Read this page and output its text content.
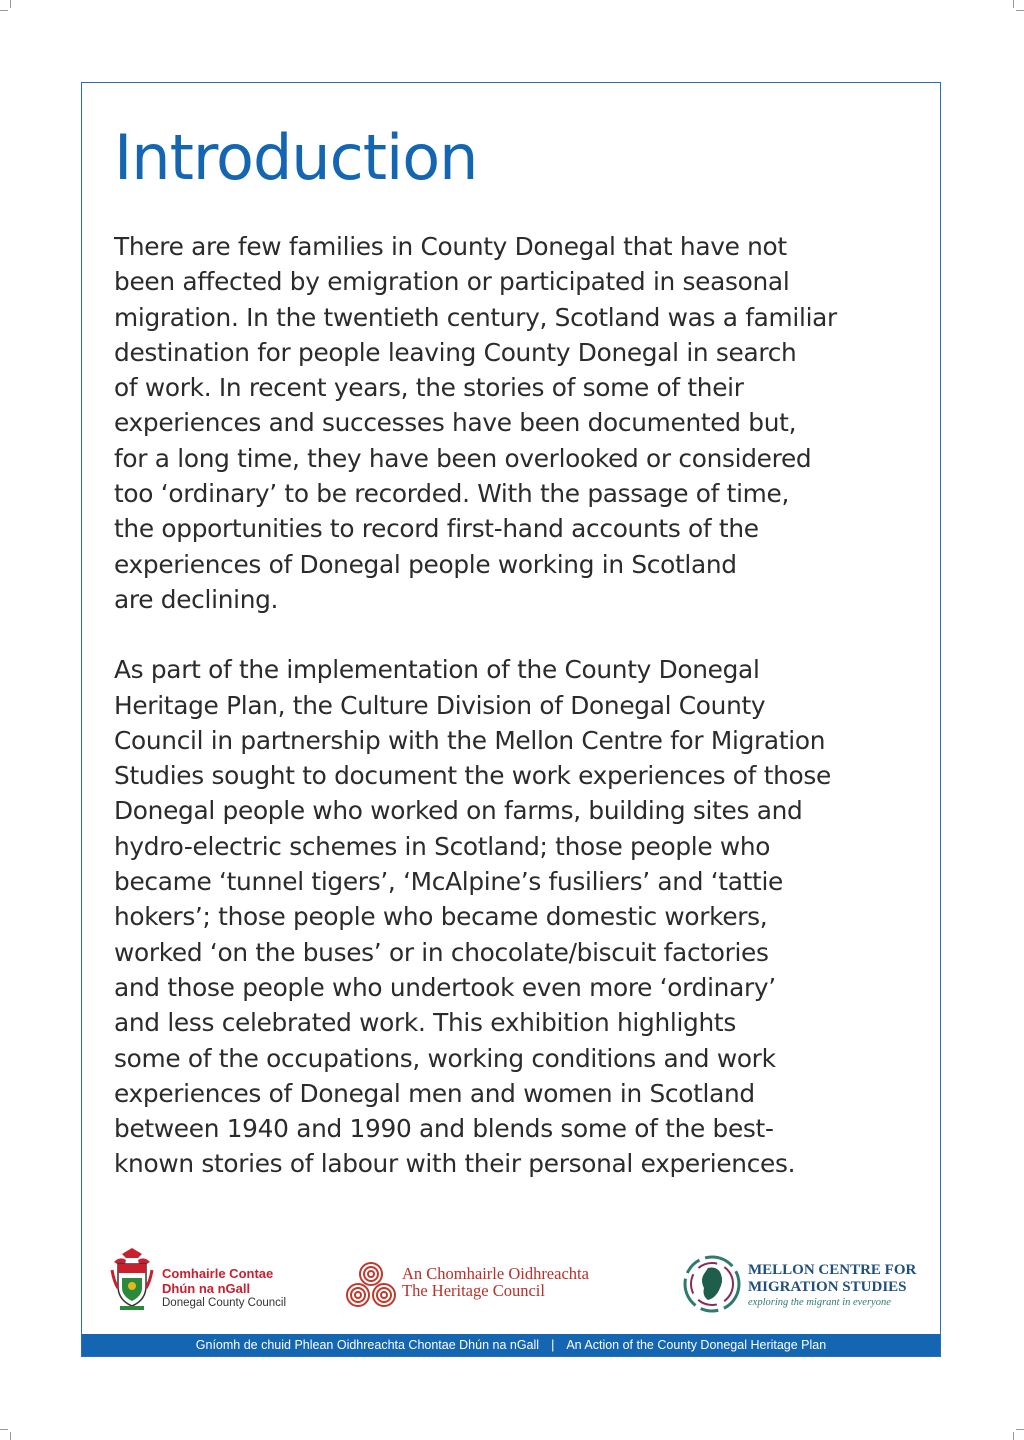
Introduction

There are few families in County Donegal that have not
been affected by emigration or participated in seasonal
migration. In the twentieth century, Scotland was a familiar
destination for people leaving County Donegal in search
of work. In recent years, the stories of some of their
experiences and successes have been documented but,
for a long time, they have been overlooked or considered
too ‘ordinary’ to be recorded. With the passage of time,
the opportunities to record first-hand accounts of the
experiences of Donegal people working in Scotland
are declining.

As part of the implementation of the County Donegal
Heritage Plan, the Culture Division of Donegal County
Council in partnership with the Mellon Centre for Migration
Studies sought to document the work experiences of those
Donegal people who worked on farms, building sites and
hydro-electric schemes in Scotland; those people who
became ‘tunnel tigers’, ‘McAlpine’s fusiliers’ and ‘tattie
hokers’; those people who became domestic workers,
worked ‘on the buses’ or in chocolate/biscuit factories
and those people who undertook even more ‘ordinary’
and less celebrated work. This exhibition highlights
some of the occupations, working conditions and work
experiences of Donegal men and women in Scotland
between 1940 and 1990 and blends some of the best-
known stories of labour with their personal experiences.

Comhairle Contae
Dhún na nGall
Donegal County Council
An Chomhairle Oidhreachta
The Heritage Council
MELLON CENTRE FOR
MIGRATION STUDIES
exploring the migrant in everyone
Gníomh de chuid Phlean Oidhreachta Chontae Dhún na nGall | An Action of the County Donegal Heritage Plan
